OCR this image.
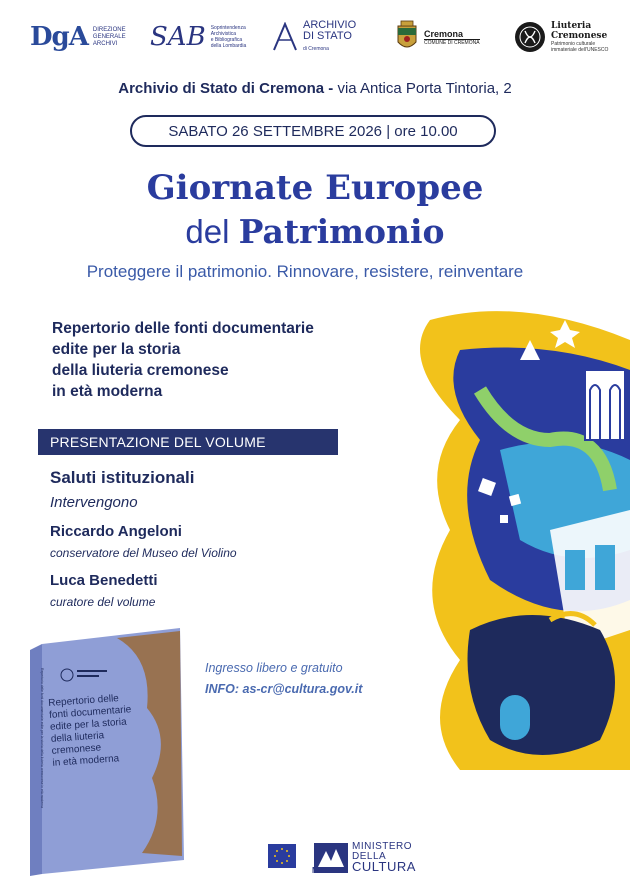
DgA DIREZIONE
GENERALE
ARCHIVI	SAB Soprintendenza
Archivistica
e Bibliografica
della Lombardia
ARCHIVIO
DI STATO
di Cremona
Cremona
COMUNE DI CREMONA
Liuteria
Cremonese
Patrimonio culturale
immateriale dell'UNESCO
Archivio di Stato di Cremona - via Antica Porta Tintoria, 2
SABATO 26 SETTEMBRE 2026 | ore 10.00
Giornate Europee
del Patrimonio
Proteggere il patrimonio. Rinnovare, resistere, reinventare
Repertorio delle fonti documentarie
edite per la storia
della liuteria cremonese
in età moderna
PRESENTAZIONE DEL VOLUME
Saluti istituzionali
Intervengono
Riccardo Angeloni
conservatore del Museo del Violino
Luca Benedetti
curatore del volume
Repertorio delle
fonti documentarie
edite per la storia
della liuteria
cremonese
in età moderna
Repertorio delle fonti documentarie edite per la storia della liuteria cremonese in età moderna	Ingresso libero e gratuito
INFO: as-cr@cultura.gov.it
MINISTERO
DELLA
CULTURA
MiC
